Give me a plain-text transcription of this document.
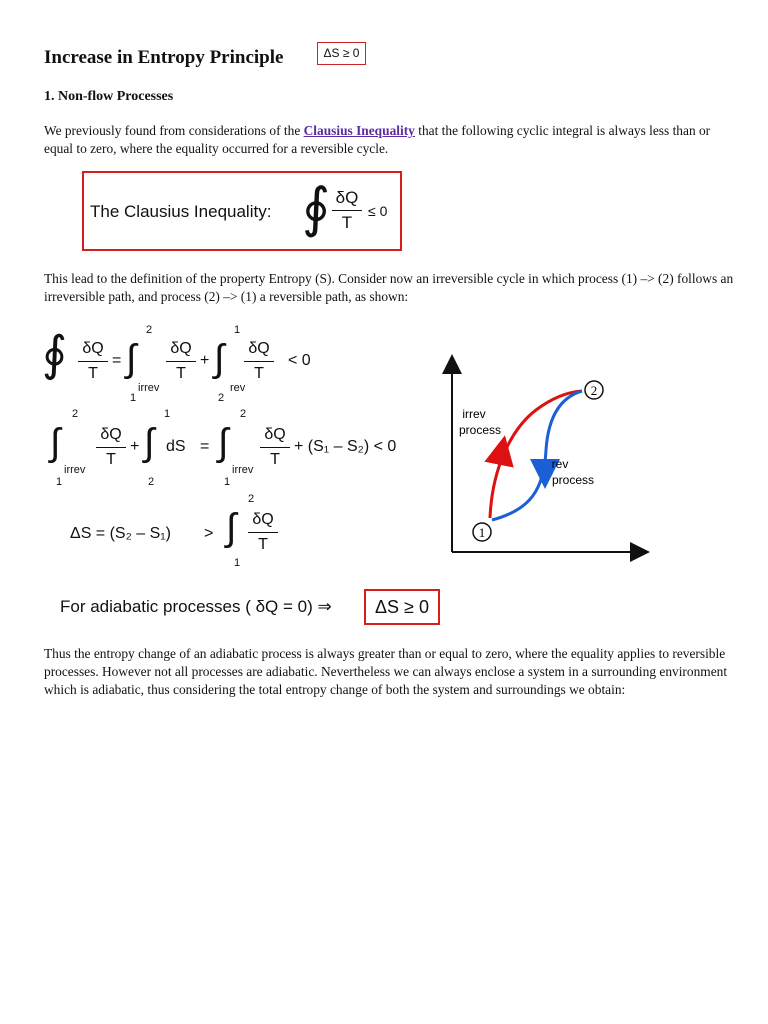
Increase in Entropy Principle	ΔS ≥ 0
1. Non-flow Processes
We previously found from considerations of the Clausius Inequality that the following cyclic integral is always less than or equal to zero, where the equality occurred for a reversible cycle.
The Clausius Inequality: ∮ δQ
T
≤ 0
This lead to the definition of the property Entropy (S). Consider now an irreversible cycle in which process (1) –> (2) follows an irreversible path, and process (2) –> (1) a reversible path, as shown:
∮ δQ
T
= ∫
2
1
irrev
δQ
T
+ ∫
1
2
rev
δQ
T
< 0
∫
2
1
irrev
δQ
T
+ ∫
1
2
dS = ∫
2
1
irrev
δQ
T
+ (S₁ – S₂) < 0
ΔS = (S₂ – S₁) > ∫
2
1
δQ
T
1
2
irrev
process
rev
process
For adiabatic processes ( δQ = 0) ⇒	ΔS ≥ 0
Thus the entropy change of an adiabatic process is always greater than or equal to zero, where the equality applies to reversible processes. However not all processes are adiabatic. Nevertheless we can always enclose a system in a surrounding environment which is adiabatic, thus considering the total entropy change of both the system and surroundings we obtain:
